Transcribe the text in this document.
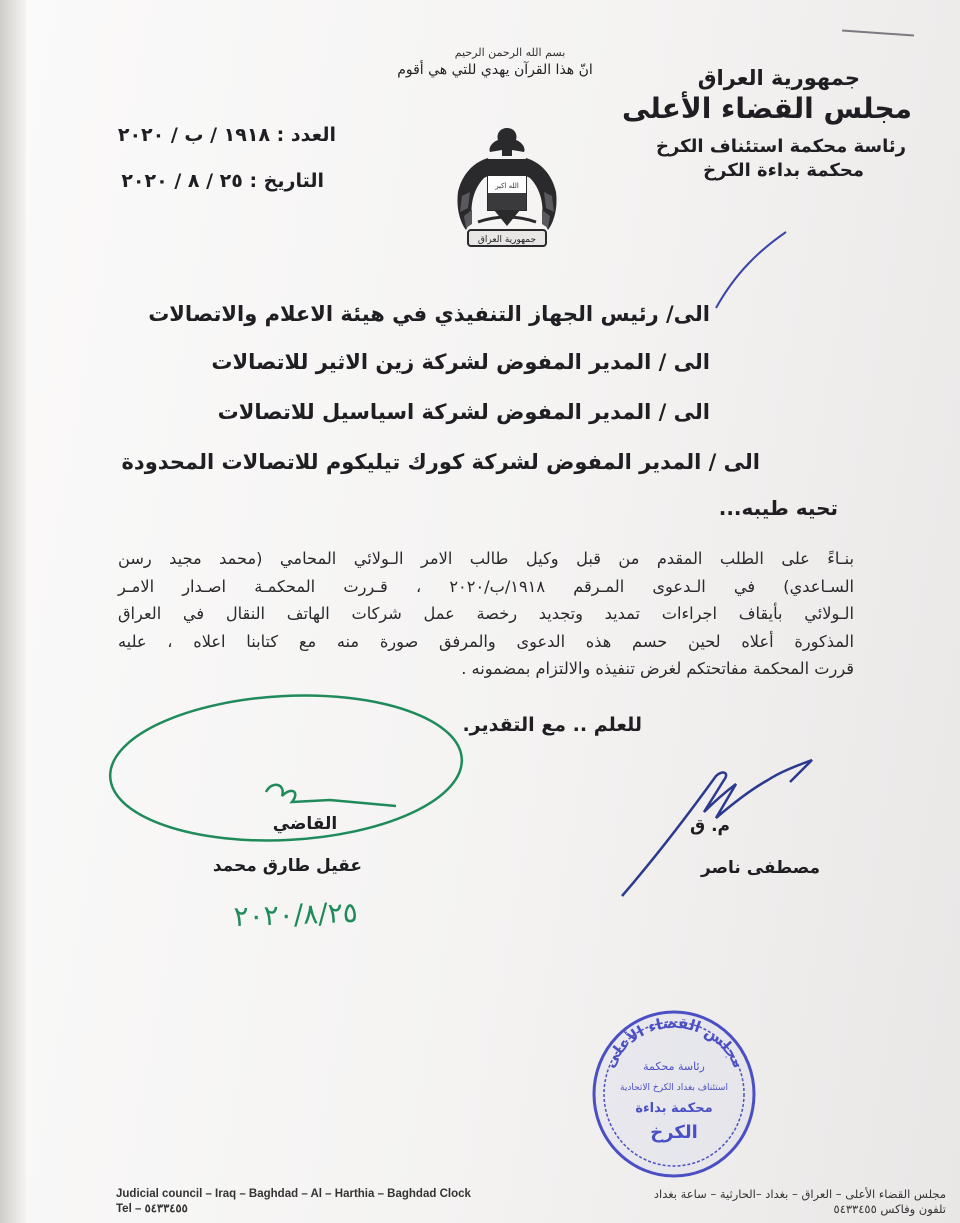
بسم الله الرحمن الرحيم
انّ هذا القرآن يهدي للتي هي أقوم	جمهورية العراق
مجلس القضاء الأعلى
رئاسة محكمة استئناف الكرخ
محكمة بداءة الكرخ
العدد : ١٩١٨ / ب / ٢٠٢٠
التاريخ : ٢٥ / ٨ / ٢٠٢٠	الله اكبر
جمهورية العراق
الى/ رئيس الجهاز التنفيذي في هيئة الاعلام والاتصالات
الى / المدير المفوض لشركة زين الاثير للاتصالات
الى / المدير المفوض لشركة اسياسيل للاتصالات
الى / المدير المفوض لشركة كورك تيليكوم للاتصالات المحدودة
تحيه طيبه...
بنـاءً على الطلب المقدم من قبل وكيل طالب الامر الـولائي المحامي (محمد مجيد رسن
السـاعدي) في الـدعوى المـرقم ١٩١٨/ب/٢٠٢٠ ، قـررت المحكمـة اصـدار الامـر
الـولائي بأيقاف اجراءات تمديد وتجديد رخصة عمل شركات الهاتف النقال في العراق
المذكورة أعلاه لحين حسم هذه الدعوى والمرفق صورة منه مع كتابنا اعلاه ، عليه
قررت المحكمة مفاتحتكم لغرض تنفيذه والالتزام بمضمونه .
للعلم .. مع التقدير.
٢٠٢٠/٨/٢٥
القاضي
عقيل طارق محمد
م. ق
مصطفى ناصر
مجلس القضاء الأعلى
رئاسة محكمة
استئناف بغداد الكرخ الاتحادية
محكمة بداءة
الكرخ
Judicial council – Iraq – Baghdad – Al – Harthia – Baghdad Clock
Tel – ٥٤٣٣٤٥٥
مجلس القضاء الأعلى – العراق – بغداد –الحارثية – ساعة بغداد
تلفون وفاكس ٥٤٣٣٤٥٥
